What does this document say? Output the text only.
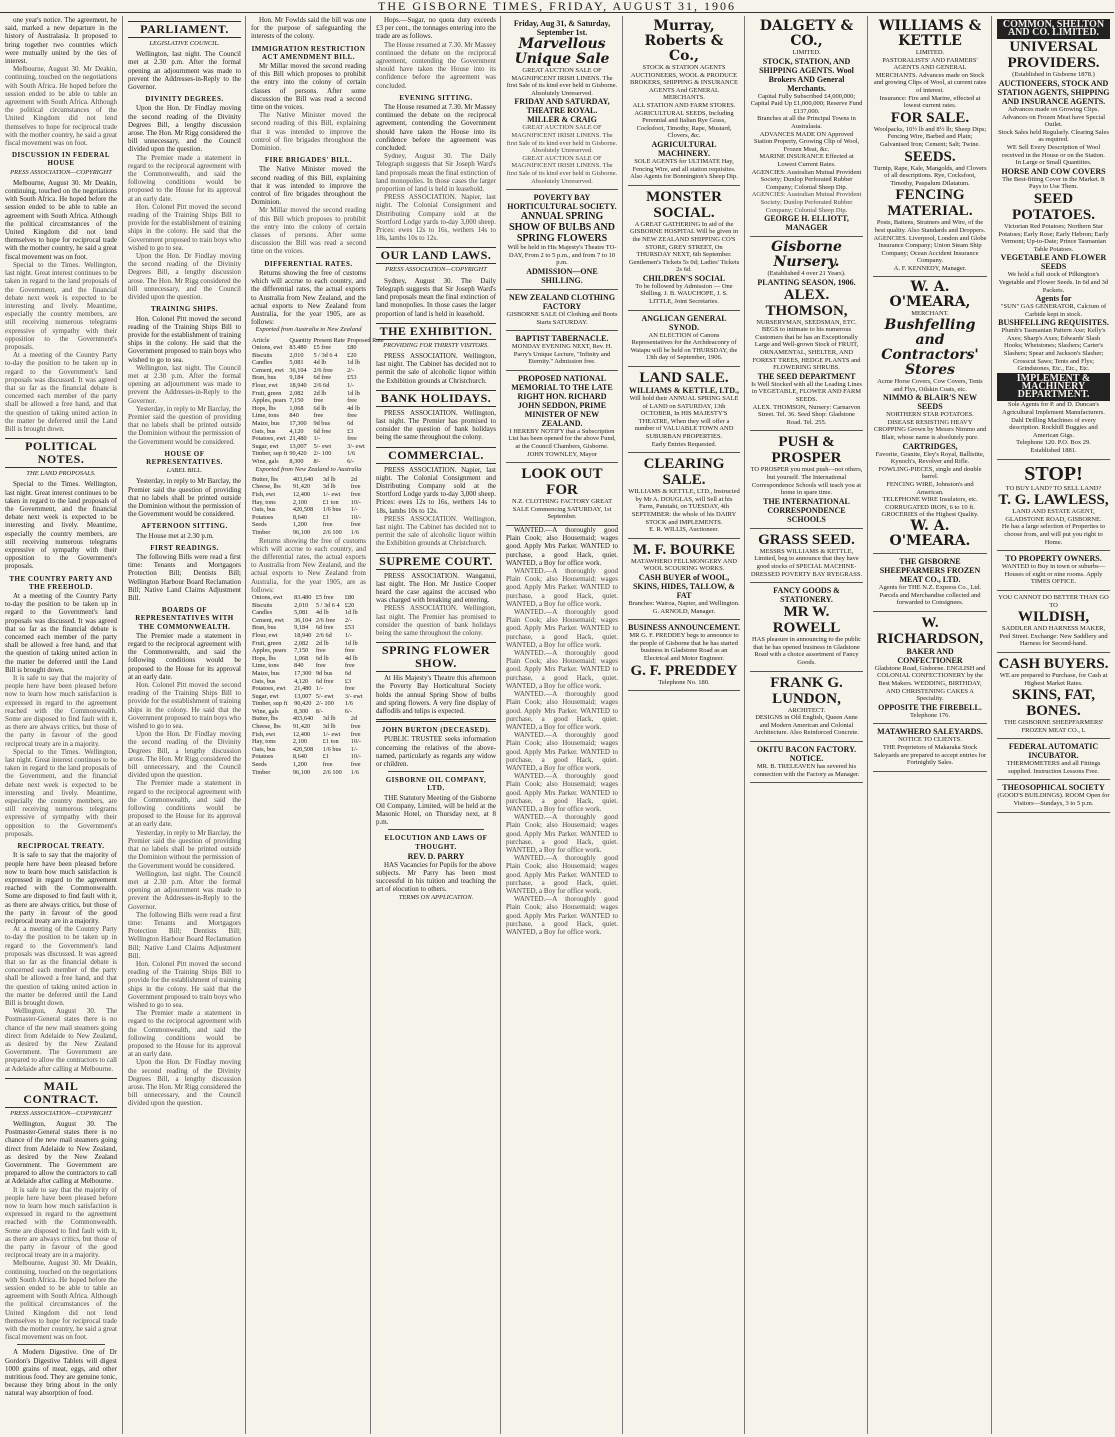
THE GISBORNE TIMES, FRIDAY, AUGUST 31, 1906

one year's notice. The agreement, he said, marked a new departure in the history of Australasia. It proposed to bring together two countries which were mutually united by the ties of interest.

Melbourne, August 30. Mr Deakin, continuing, touched on the negotiations with South Africa. He hoped before the session ended to be able to table an agreement with South Africa. Although the political circumstances of the United Kingdom did not lend themselves to hope for reciprocal trade with the mother country, he said a great fiscal movement was on foot.

DISCUSSION IN FEDERAL HOUSE
PRESS ASSOCIATION—COPYRIGHT

Melbourne, August 30. Mr Deakin, continuing, touched on the negotiations with South Africa. He hoped before the session ended to be able to table an agreement with South Africa. Although the political circumstances of the United Kingdom did not lend themselves to hope for reciprocal trade with the mother country, he said a great fiscal movement was on foot.

Special to the Times. Wellington, last night. Great interest continues to be taken in regard to the land proposals of the Government, and the financial debate next week is expected to be interesting and lively. Meantime, especially the country members, are still receiving numerous telegrams expressive of sympathy with their opposition to the Government's proposals.

At a meeting of the Country Party to-day the position to be taken up in regard to the Government's land proposals was discussed. It was agreed that so far as the financial debate is concerned each member of the party shall be allowed a free hand, and that the question of taking united action in the matter be deferred until the Land Bill is brought down.

POLITICAL NOTES.
THE LAND PROPOSALS.

Special to the Times. Wellington, last night. Great interest continues to be taken in regard to the land proposals of the Government, and the financial debate next week is expected to be interesting and lively. Meantime, especially the country members, are still receiving numerous telegrams expressive of sympathy with their opposition to the Government's proposals.

THE COUNTRY PARTY AND THE FREEHOLD.

At a meeting of the Country Party to-day the position to be taken up in regard to the Government's land proposals was discussed. It was agreed that so far as the financial debate is concerned each member of the party shall be allowed a free hand, and that the question of taking united action in the matter be deferred until the Land Bill is brought down.

It is safe to say that the majority of people here have been pleased before now to learn how much satisfaction is expressed in regard to the agreement reached with the Commonwealth. Some are disposed to find fault with it, as there are always critics, but those of the party in favour of the good reciprocal treaty are in a majority.

Special to the Times. Wellington, last night. Great interest continues to be taken in regard to the land proposals of the Government, and the financial debate next week is expected to be interesting and lively. Meantime, especially the country members, are still receiving numerous telegrams expressive of sympathy with their opposition to the Government's proposals.

RECIPROCAL TREATY.

It is safe to say that the majority of people here have been pleased before now to learn how much satisfaction is expressed in regard to the agreement reached with the Commonwealth. Some are disposed to find fault with it, as there are always critics, but those of the party in favour of the good reciprocal treaty are in a majority.

At a meeting of the Country Party to-day the position to be taken up in regard to the Government's land proposals was discussed. It was agreed that so far as the financial debate is concerned each member of the party shall be allowed a free hand, and that the question of taking united action in the matter be deferred until the Land Bill is brought down.

Wellington, August 30. The Postmaster-General states there is no chance of the new mail steamers going direct from Adelaide to New Zealand, as desired by the New Zealand Government. The Government are prepared to allow the contractors to call at Adelaide after calling at Melbourne.

MAIL CONTRACT.
PRESS ASSOCIATION—COPYRIGHT

Wellington, August 30. The Postmaster-General states there is no chance of the new mail steamers going direct from Adelaide to New Zealand, as desired by the New Zealand Government. The Government are prepared to allow the contractors to call at Adelaide after calling at Melbourne.

It is safe to say that the majority of people here have been pleased before now to learn how much satisfaction is expressed in regard to the agreement reached with the Commonwealth. Some are disposed to find fault with it, as there are always critics, but those of the party in favour of the good reciprocal treaty are in a majority.

Melbourne, August 30. Mr Deakin, continuing, touched on the negotiations with South Africa. He hoped before the session ended to be able to table an agreement with South Africa. Although the political circumstances of the United Kingdom did not lend themselves to hope for reciprocal trade with the mother country, he said a great fiscal movement was on foot.

A Modern Digestive. One of Dr Gordon's Digestive Tablets will digest 1000 grains of meat, eggs, and other nutritious food. They are genuine tonic, because they bring about in the only natural way absorption of food.

PARLIAMENT.
LEGISLATIVE COUNCIL.

Wellington, last night. The Council met at 2.30 p.m. After the formal opening an adjournment was made to prevent the Addresses-in-Reply to the Governor.

DIVINITY DEGREES.

Upon the Hon. Dr Findlay moving the second reading of the Divinity Degrees Bill, a lengthy discussion arose. The Hon. Mr Rigg considered the bill unnecessary, and the Council divided upon the question.

The Premier made a statement in regard to the reciprocal agreement with the Commonwealth, and said the following conditions would be proposed to the House for its approval at an early date.

Hon. Colonel Pitt moved the second reading of the Training Ships Bill to provide for the establishment of training ships in the colony. He said that the Government proposed to train boys who wished to go to sea.

Upon the Hon. Dr Findlay moving the second reading of the Divinity Degrees Bill, a lengthy discussion arose. The Hon. Mr Rigg considered the bill unnecessary, and the Council divided upon the question.

TRAINING SHIPS.

Hon. Colonel Pitt moved the second reading of the Training Ships Bill to provide for the establishment of training ships in the colony. He said that the Government proposed to train boys who wished to go to sea.

Wellington, last night. The Council met at 2.30 p.m. After the formal opening an adjournment was made to prevent the Addresses-in-Reply to the Governor.

Yesterday, in reply to Mr Barclay, the Premier said the question of providing that no labels shall be printed outside the Dominion without the permission of the Government would be considered.

HOUSE OF REPRESENTATIVES.
LABEL BILL.

Yesterday, in reply to Mr Barclay, the Premier said the question of providing that no labels shall be printed outside the Dominion without the permission of the Government would be considered.

AFTERNOON SITTING.

The House met at 2.30 p.m.

FIRST READINGS.

The following Bills were read a first time: Tenants and Mortgagors Protection Bill; Dentists Bill; Wellington Harbour Board Reclamation Bill; Native Land Claims Adjustment Bill.

BOARDS OF REPRESENTATIVES WITH THE COMMONWEALTH.

The Premier made a statement in regard to the reciprocal agreement with the Commonwealth, and said the following conditions would be proposed to the House for its approval at an early date.

Hon. Colonel Pitt moved the second reading of the Training Ships Bill to provide for the establishment of training ships in the colony. He said that the Government proposed to train boys who wished to go to sea.

Upon the Hon. Dr Findlay moving the second reading of the Divinity Degrees Bill, a lengthy discussion arose. The Hon. Mr Rigg considered the bill unnecessary, and the Council divided upon the question.

The Premier made a statement in regard to the reciprocal agreement with the Commonwealth, and said the following conditions would be proposed to the House for its approval at an early date.

Yesterday, in reply to Mr Barclay, the Premier said the question of providing that no labels shall be printed outside the Dominion without the permission of the Government would be considered.

Wellington, last night. The Council met at 2.30 p.m. After the formal opening an adjournment was made to prevent the Addresses-in-Reply to the Governor.

The following Bills were read a first time: Tenants and Mortgagors Protection Bill; Dentists Bill; Wellington Harbour Board Reclamation Bill; Native Land Claims Adjustment Bill.

Hon. Colonel Pitt moved the second reading of the Training Ships Bill to provide for the establishment of training ships in the colony. He said that the Government proposed to train boys who wished to go to sea.

The Premier made a statement in regard to the reciprocal agreement with the Commonwealth, and said the following conditions would be proposed to the House for its approval at an early date.

Upon the Hon. Dr Findlay moving the second reading of the Divinity Degrees Bill, a lengthy discussion arose. The Hon. Mr Rigg considered the bill unnecessary, and the Council divided upon the question.

Hon. Mr Fowlds said the bill was one for the purpose of safeguarding the interests of the colony.

IMMIGRATION RESTRICTION ACT AMENDMENT BILL.

Mr Millar moved the second reading of this Bill which proposes to prohibit the entry into the colony of certain classes of persons. After some discussion the Bill was read a second time on the voices.

The Native Minister moved the second reading of this Bill, explaining that it was intended to improve the control of fire brigades throughout the Dominion.

FIRE BRIGADES' BILL.

The Native Minister moved the second reading of this Bill, explaining that it was intended to improve the control of fire brigades throughout the Dominion.

Mr Millar moved the second reading of this Bill which proposes to prohibit the entry into the colony of certain classes of persons. After some discussion the Bill was read a second time on the voices.

DIFFERENTIAL RATES.

Returns showing the free of customs which will accrue to each country, and the differential rates, the actual exports to Australia from New Zealand, and the actual exports to New Zealand from Australia, for the year 1905, are as follows:

Exported from Australia to New Zealand
Article	Quantity	Present Rate	Proposed Rate
Onions, ewt	83.480	£5 free	£80
Biscuits	2,010	5 / 3d 6 4	£20
Candles	5,081	4d lb	1d lb
Cement, ewt	36,104	2/6 free	2/-
Bran, bus	9,184	6d free	£53
Flour, ewt	18,940	2/6 6d	1/-
Fruit, green	2,082	2d lb	1d lb
Apples, pears	7,150	free	free
Hops, lbs	1,068	6d lb	4d lb
Lime, tons	840	free	free
Maize, bus	17,300	9d bus	6d
Oats, bus	4,120	6d free	£3
Potatoes, ewt	21,480	1/-	free
Sugar, ewt	13,007	5/- ewt	3/- ewt
Timber, sup ft	90,420	2/- 100	1/6
Wine, gals	8,300	8/-	6/-
Exported from New Zealand to Australia
Butter, lbs	403,640	3d lb	2d
Cheese, lbs	91,420	3d lb	free
Fish, ewt	12,400	1/- ewt	free
Hay, tons	2,100	£1 ton	10/-
Oats, bus	420,508	1/6 bus	1/-
Potatoes	8,640	£1	10/-
Seeds	1,200	free	free
Timber	96,100	2/6 100	1/6

Returns showing the free of customs which will accrue to each country, and the differential rates, the actual exports to Australia from New Zealand, and the actual exports to New Zealand from Australia, for the year 1905, are as follows:

Onions, ewt	83.480	£5 free	£80
Biscuits	2,010	5 / 3d 6 4	£20
Candles	5,081	4d lb	1d lb
Cement, ewt	36,104	2/6 free	2/-
Bran, bus	9,184	6d free	£53
Flour, ewt	18,940	2/6 6d	1/-
Fruit, green	2,082	2d lb	1d lb
Apples, pears	7,150	free	free
Hops, lbs	1,068	6d lb	4d lb
Lime, tons	840	free	free
Maize, bus	17,300	9d bus	6d
Oats, bus	4,120	6d free	£3
Potatoes, ewt	21,480	1/-	free
Sugar, ewt	13,007	5/- ewt	3/- ewt
Timber, sup ft	90,420	2/- 100	1/6
Wine, gals	8,300	8/-	6/-
Butter, lbs	403,640	3d lb	2d
Cheese, lbs	91,420	3d lb	free
Fish, ewt	12,400	1/- ewt	free
Hay, tons	2,100	£1 ton	10/-
Oats, bus	420,508	1/6 bus	1/-
Potatoes	8,640	£1	10/-
Seeds	1,200	free	free
Timber	96,100	2/6 100	1/6

Hops.—Sugar, no quota duty exceeds £3 per cent., the tonnages entering into the trade are as follows.

The House resumed at 7.30. Mr Massey continued the debate on the reciprocal agreement, contending the Government should have taken the House into its confidence before the agreement was concluded.

EVENING SITTING.

The House resumed at 7.30. Mr Massey continued the debate on the reciprocal agreement, contending the Government should have taken the House into its confidence before the agreement was concluded.

Sydney, August 30. The Daily Telegraph suggests that Sir Joseph Ward's land proposals mean the final extinction of land monopolies. In those cases the larger proportion of land is held in leasehold.

PRESS ASSOCIATION. Napier, last night. The Colonial Consignment and Distributing Company sold at the Stortford Lodge yards to-day 3,000 sheep. Prices: ewes 12s to 16s, wethers 14s to 18s, lambs 10s to 12s.

OUR LAND LAWS.
PRESS ASSOCIATION—COPYRIGHT

Sydney, August 30. The Daily Telegraph suggests that Sir Joseph Ward's land proposals mean the final extinction of land monopolies. In those cases the larger proportion of land is held in leasehold.

THE EXHIBITION.
PROVIDING FOR THIRSTY VISITORS.

PRESS ASSOCIATION. Wellington, last night. The Cabinet has decided not to permit the sale of alcoholic liquor within the Exhibition grounds at Christchurch.

BANK HOLIDAYS.

PRESS ASSOCIATION. Wellington, last night. The Premier has promised to consider the question of bank holidays being the same throughout the colony.

COMMERCIAL.

PRESS ASSOCIATION. Napier, last night. The Colonial Consignment and Distributing Company sold at the Stortford Lodge yards to-day 3,000 sheep. Prices: ewes 12s to 16s, wethers 14s to 18s, lambs 10s to 12s.

PRESS ASSOCIATION. Wellington, last night. The Cabinet has decided not to permit the sale of alcoholic liquor within the Exhibition grounds at Christchurch.

SUPREME COURT.

PRESS ASSOCIATION. Wanganui, last night. The Hon. Mr Justice Cooper heard the case against the accused who was charged with breaking and entering.

PRESS ASSOCIATION. Wellington, last night. The Premier has promised to consider the question of bank holidays being the same throughout the colony.

SPRING FLOWER SHOW.

At His Majesty's Theatre this afternoon the Poverty Bay Horticultural Society holds the annual Spring Show of bulbs and spring flowers. A very fine display of daffodils and tulips is expected.

JOHN BURTON (DECEASED).

PUBLIC TRUSTEE seeks information concerning the relatives of the above-named, particularly as regards any widow or children.

GISBORNE OIL COMPANY, LTD.

THE Statutory Meeting of the Gisborne Oil Company, Limited, will be held at the Masonic Hotel, on Thursday next, at 8 p.m.

ELOCUTION AND LAWS OF THOUGHT.
REV. D. PARRY

HAS Vacancies for Pupils for the above subjects. Mr Parry has been most successful in his tuition and teaching the art of elocution to others.

TERMS ON APPLICATION.

Friday, Aug 31, & Saturday, September 1st.

Marvellous Unique Sale

GREAT AUCTION SALE OF MAGNIFICENT IRISH LINENS. The first Sale of its kind ever held in Gisborne. Absolutely Unreserved.

FRIDAY AND SATURDAY, THEATRE ROYAL.

MILLER & CRAIG

GREAT AUCTION SALE OF MAGNIFICENT IRISH LINENS. The first Sale of its kind ever held in Gisborne. Absolutely Unreserved.

GREAT AUCTION SALE OF MAGNIFICENT IRISH LINENS. The first Sale of its kind ever held in Gisborne. Absolutely Unreserved.

POVERTY BAY HORTICULTURAL SOCIETY.

ANNUAL SPRING SHOW OF BULBS AND SPRING FLOWERS

Will be held in His Majesty's Theatre TO-DAY, From 2 to 5 p.m., and from 7 to 10 p.m.

ADMISSION—ONE SHILLING.

NEW ZEALAND CLOTHING FACTORY

GISBORNE SALE Of Clothing and Boots Starts SATURDAY.

BAPTIST TABERNACLE.

MONDAY EVENING NEXT, Rev. H. Parry's Unique Lecture, "Infinity and Eternity." Admission free.

PROPOSED NATIONAL MEMORIAL TO THE LATE RIGHT HON. RICHARD JOHN SEDDON, PRIME MINISTER OF NEW ZEALAND.

I HEREBY NOTIFY that a Subscription List has been opened for the above Fund, at the Council Chambers, Gisborne.

JOHN TOWNLEY, Mayor

LOOK OUT FOR

N.Z. CLOTHING FACTORY GREAT SALE Commencing SATURDAY, 1st September.

WANTED.—A thoroughly good Plain Cook; also Housemaid; wages good. Apply Mrs Parker. WANTED to purchase, a good Hack, quiet. WANTED, a Boy for office work.

WANTED.—A thoroughly good Plain Cook; also Housemaid; wages good. Apply Mrs Parker. WANTED to purchase, a good Hack, quiet. WANTED, a Boy for office work.

WANTED.—A thoroughly good Plain Cook; also Housemaid; wages good. Apply Mrs Parker. WANTED to purchase, a good Hack, quiet. WANTED, a Boy for office work.

WANTED.—A thoroughly good Plain Cook; also Housemaid; wages good. Apply Mrs Parker. WANTED to purchase, a good Hack, quiet. WANTED, a Boy for office work.

WANTED.—A thoroughly good Plain Cook; also Housemaid; wages good. Apply Mrs Parker. WANTED to purchase, a good Hack, quiet. WANTED, a Boy for office work.

WANTED.—A thoroughly good Plain Cook; also Housemaid; wages good. Apply Mrs Parker. WANTED to purchase, a good Hack, quiet. WANTED, a Boy for office work.

WANTED.—A thoroughly good Plain Cook; also Housemaid; wages good. Apply Mrs Parker. WANTED to purchase, a good Hack, quiet. WANTED, a Boy for office work.

WANTED.—A thoroughly good Plain Cook; also Housemaid; wages good. Apply Mrs Parker. WANTED to purchase, a good Hack, quiet. WANTED, a Boy for office work.

WANTED.—A thoroughly good Plain Cook; also Housemaid; wages good. Apply Mrs Parker. WANTED to purchase, a good Hack, quiet. WANTED, a Boy for office work.

WANTED.—A thoroughly good Plain Cook; also Housemaid; wages good. Apply Mrs Parker. WANTED to purchase, a good Hack, quiet. WANTED, a Boy for office work.

Murray, Roberts & Co.,

STOCK & STATION AGENTS AUCTIONEERS, WOOL & PRODUCE BROKERS, SHIPPING & INSURANCE AGENTS And GENERAL MERCHANTS.

ALL STATION AND FARM STORES. AGRICULTURAL SEEDS, Including Perennial and Italian Rye Grass, Cocksfoot, Timothy, Rape, Mustard, Clovers, &c.

AGRICULTURAL MACHINERY.

SOLE AGENTS for ULTIMATE Hay, Fencing Wire, and all station requisites. Also Agents for Bonnington's Sheep Dip.

MONSTER SOCIAL.

A GREAT GATHERING In aid of the GISBORNE HOSPITAL Will be given in the NEW ZEALAND SHIPPING CO'S STORE, GREY STREET, On THURSDAY NEXT, 6th September.

Gentlemen's Tickets 5s 0d; Ladies' Tickets 2s 6d.

CHILDREN'S SOCIAL

To be followed by Admission — One Shilling. J. B. WAUCHOPE, J. S. LITTLE, Joint Secretaries.

ANGLICAN GENERAL SYNOD.

AN ELECTION of Canons Representatives for the Archdeaconry of Waiapu will be held on THURSDAY, the 13th day of September, 1906.

LAND SALE.

WILLIAMS & KETTLE, LTD.,

Will hold their ANNUAL SPRING SALE of LAND on SATURDAY, 13th OCTOBER, In HIS MAJESTY'S THEATRE, When they will offer a number of VALUABLE TOWN AND SUBURBAN PROPERTIES.

Early Entries Requested.

CLEARING SALE.

WILLIAMS & KETTLE, LTD., Instructed by Mr A. DOUGLAS, will Sell at his Farm, Patutahi, on TUESDAY, 4th SEPTEMBER: the whole of his DAIRY STOCK and IMPLEMENTS.

E. R. WILLIS, Auctioneer.

M. F. BOURKE

MATAWHERO FELLMONGERY AND WOOL SCOURING WORKS.

CASH BUYER of WOOL, SKINS, HIDES, TALLOW, & FAT

Branches: Wairoa, Napier, and Wellington.

G. ARNOLD, Manager.

BUSINESS ANNOUNCEMENT.

MR G. F. PREDDEY begs to announce to the people of Gisborne that he has started business in Gladstone Road as an Electrical and Motor Engineer.

G. F. PREDDEY

Telephone No. 180.

DALGETY & CO.,

LIMITED.

STOCK, STATION, AND SHIPPING AGENTS. Wool Brokers AND General Merchants.

Capital Fully Subscribed £4,000,000; Capital Paid Up £1,000,000; Reserve Fund £137,000.

Branches at all the Principal Towns in Australasia.

ADVANCES MADE ON Approved Station Property, Growing Clip of Wool, Frozen Meat, &c.

MARINE INSURANCE Effected at Lowest Current Rates.

AGENCIES: Australian Mutual Provident Society; Dunlop Perforated Rubber Company; Colonial Sheep Dip.

AGENCIES: Australian Mutual Provident Society; Dunlop Perforated Rubber Company; Colonial Sheep Dip.

GEORGE H. ELLIOTT, MANAGER

Gisborne Nursery.

(Established 4 over 21 Years).

PLANTING SEASON, 1906.

ALEX. THOMSON,

NURSERYMAN, SEEDSMAN, ETC.

BEGS to intimate to his numerous Customers that he has an Exceptionally Large and Well-grown Stock of FRUIT, ORNAMENTAL, SHELTER, AND FOREST TREES, HEDGE PLANTS and FLOWERING SHRUBS.

THE SEED DEPARTMENT

Is Well Stocked with all the Leading Lines in VEGETABLE, FLOWER AND FARM SEEDS.

ALEX. THOMSON, Nursery: Carnarvon Street. Tel. 36. Seed Shop: Gladstone Road. Tel. 255.

PUSH & PROSPER

TO PROSPER you must push—not others, but yourself. The International Correspondence Schools will teach you at home in spare time.

THE INTERNATIONAL CORRESPONDENCE SCHOOLS

GRASS SEED.

MESSRS WILLIAMS & KETTLE, Limited, beg to announce that they have good stocks of SPECIAL MACHINE-DRESSED POVERTY BAY RYEGRASS.

FANCY GOODS & STATIONERY.

MR W. ROWELL

HAS pleasure in announcing to the public that he has opened business in Gladstone Road with a choice assortment of Fancy Goods.

FRANK G. LUNDON,

ARCHITECT.

DESIGNS in Old English, Queen Anne and Modern American and Colonial Architecture. Also Reinforced Concrete.

OKITU BACON FACTORY.

NOTICE.

MR. B. TRELEAVEN has severed his connection with the Factory as Manager.

WILLIAMS & KETTLE

LIMITED.

PASTORALISTS' AND FARMERS' AGENTS AND GENERAL MERCHANTS. Advances made on Stock and growing Clips of Wool, at current rates of interest.

Insurance: Fire and Marine, effected at lowest current rates.

FOR SALE.

Woolpacks, 10½ lb and 8½ lb; Sheep Dips; Fencing Wire, Barbed and Plain; Galvanised Iron; Cement; Salt; Twine.

SEEDS.

Turnip, Rape, Kale, Mangolds, and Clovers of all descriptions. Rye, Cocksfoot, Timothy, Paspalum Dilatatum.

FENCING MATERIAL.

Posts, Battens, Strainers and Wire, of the best quality. Also Standards and Droppers.

AGENCIES. Liverpool, London and Globe Insurance Company; Union Steam Ship Company; Ocean Accident Insurance Company.

A. F. KENNEDY, Manager.

W. A. O'MEARA,

MERCHANT.

Bushfelling and Contractors' Stores

Acme Horse Covers, Cow Covers, Tents and Flys, Oilskin Coats, etc.

NIMMO & BLAIR'S NEW SEEDS

NORTHERN STAR POTATOES. DISEASE RESISTING HEAVY CROPPING Grown by Messrs Nimmo and Blair, whose name is absolutely pure.

CARTRIDGES,

Favorite, Granite, Eley's Royal, Ballistite, Kynoch's, Revolver and Rifle.

FOWLING-PIECES, single and double barrel.

FENCING WIRE, Johnston's and American.

TELEPHONE WIRE Insulators, etc.

CORRUGATED IRON, 6 to 10 ft.

GROCERIES of the Highest Quality.

W. A. O'MEARA.

THE GISBORNE SHEEPFARMERS FROZEN MEAT CO., LTD.

Agents for THE N.Z. Express Co., Ltd. Parcels and Merchandise collected and forwarded to Consignees.

W. RICHARDSON,

BAKER AND CONFECTIONER

Gladstone Road, Gisborne. ENGLISH and COLONIAL CONFECTIONERY by the Best Makers. WEDDING, BIRTHDAY, AND CHRISTENING CAKES A Speciality.

OPPOSITE THE FIREBELL.

Telephone 176.

MATAWHERO SALEYARDS.

NOTICE TO CLIENTS.

THE Proprietors of Makaraka Stock Saleyards are prepared to accept entries for Fortnightly Sales.

COMMON, SHELTON AND CO. LIMITED.

UNIVERSAL PROVIDERS.

(Established in Gisborne 1878.)

AUCTIONEERS, STOCK AND STATION AGENTS, SHIPPING AND INSURANCE AGENTS.

Advances made on Growing Clips. Advances on Frozen Meat have Special Outlet.

Stock Sales held Regularly. Clearing Sales as required.

WE Sell Every Description of Wool received in the House or on the Station.

In Large or Small Quantities.

HORSE AND COW COVERS

The Best-fitting Cover in the Market. It Pays to Use Them.

SEED POTATOES.

Victorian Red Potatoes; Northern Star Potatoes; Early Rose; Early Hebron; Early Vermont; Up-to-Date; Prince Tasmanian Table Potatoes.

VEGETABLE AND FLOWER SEEDS

We hold a full stock of Pilkington's Vegetable and Flower Seeds. In 6d and 3d Packets.

Agents for

"SUN" GAS GENERATOR, Calcium of Carbide kept in stock.

BUSHFELLING REQUISITES.

Plumb's Tasmanian Pattern Axe; Kelly's Axes; Sharp's Axes; Edwards' Slash Hooks; Whetstones; Slashers; Carter's Slashers; Spear and Jackson's Slasher; Crosscut Saws; Tents and Flys; Grindstones, Etc., Etc., Etc.

IMPLEMENT & MACHINERY DEPARTMENT.

Sole Agents for P. and D. Duncan's Agricultural Implement Manufacturers. Dahl Drilling Machines of every description. Rockhill Buggies and American Gigs.

Telephone 120. P.O. Box 29.

Established 1881.

STOP!

TO BUY LAND? TO SELL LAND?

T. G. LAWLESS,

LAND AND ESTATE AGENT, GLADSTONE ROAD, GISBORNE.

He has a large selection of Properties to choose from, and will put you right to Home.

TO PROPERTY OWNERS.

WANTED to Buy in town or suburbs—Houses of eight or nine rooms. Apply TIMES OFFICE.

YOU CANNOT DO BETTER THAN GO TO

WILDISH,

SADDLER AND HARNESS MAKER, Peel Street. Exchange: New Saddlery and Harness for Second-hand.

CASH BUYERS.

WE are prepared to Purchase, for Cash at Highest Market Rates.

SKINS, FAT, BONES.

THE GISBORNE SHEEPFARMERS' FROZEN MEAT CO., L

FEDERAL AUTOMATIC INCUBATOR.

THERMOMETERS and all Fittings supplied. Instruction Lessons Free.

THEOSOPHICAL SOCIETY

(GOOD'S BUILDINGS). ROOM Open for Visitors—Sundays, 3 to 5 p.m.
